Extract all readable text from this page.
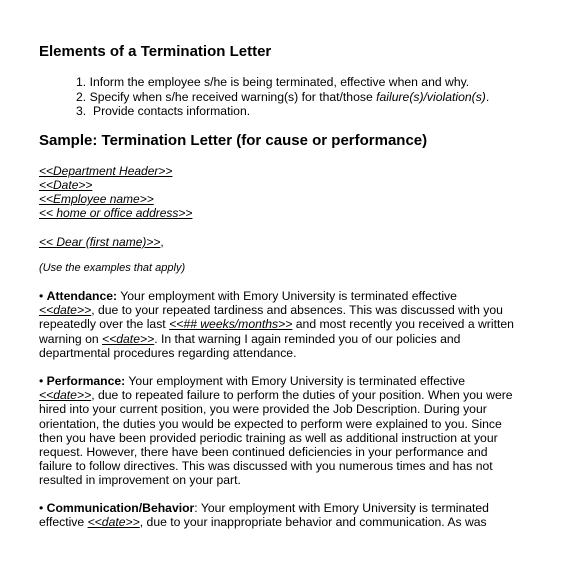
Elements of a Termination Letter
1. Inform the employee s/he is being terminated, effective when and why.
2. Specify when s/he received warning(s) for that/those failure(s)/violation(s).
3. Provide contacts information.
Sample: Termination Letter (for cause or performance)
<<Department Header>>
<<Date>>
<<Employee name>>
<< home or office address>>
<< Dear (first name)>>,
(Use the examples that apply)
• Attendance: Your employment with Emory University is terminated effective
<<date>>, due to your repeated tardiness and absences. This was discussed with you
repeatedly over the last <<## weeks/months>> and most recently you received a written
warning on <<date>>. In that warning I again reminded you of our policies and
departmental procedures regarding attendance.
• Performance: Your employment with Emory University is terminated effective
<<date>>, due to repeated failure to perform the duties of your position. When you were
hired into your current position, you were provided the Job Description. During your
orientation, the duties you would be expected to perform were explained to you. Since
then you have been provided periodic training as well as additional instruction at your
request. However, there have been continued deficiencies in your performance and
failure to follow directives. This was discussed with you numerous times and has not
resulted in improvement on your part.
• Communication/Behavior: Your employment with Emory University is terminated
effective <<date>>, due to your inappropriate behavior and communication. As was
